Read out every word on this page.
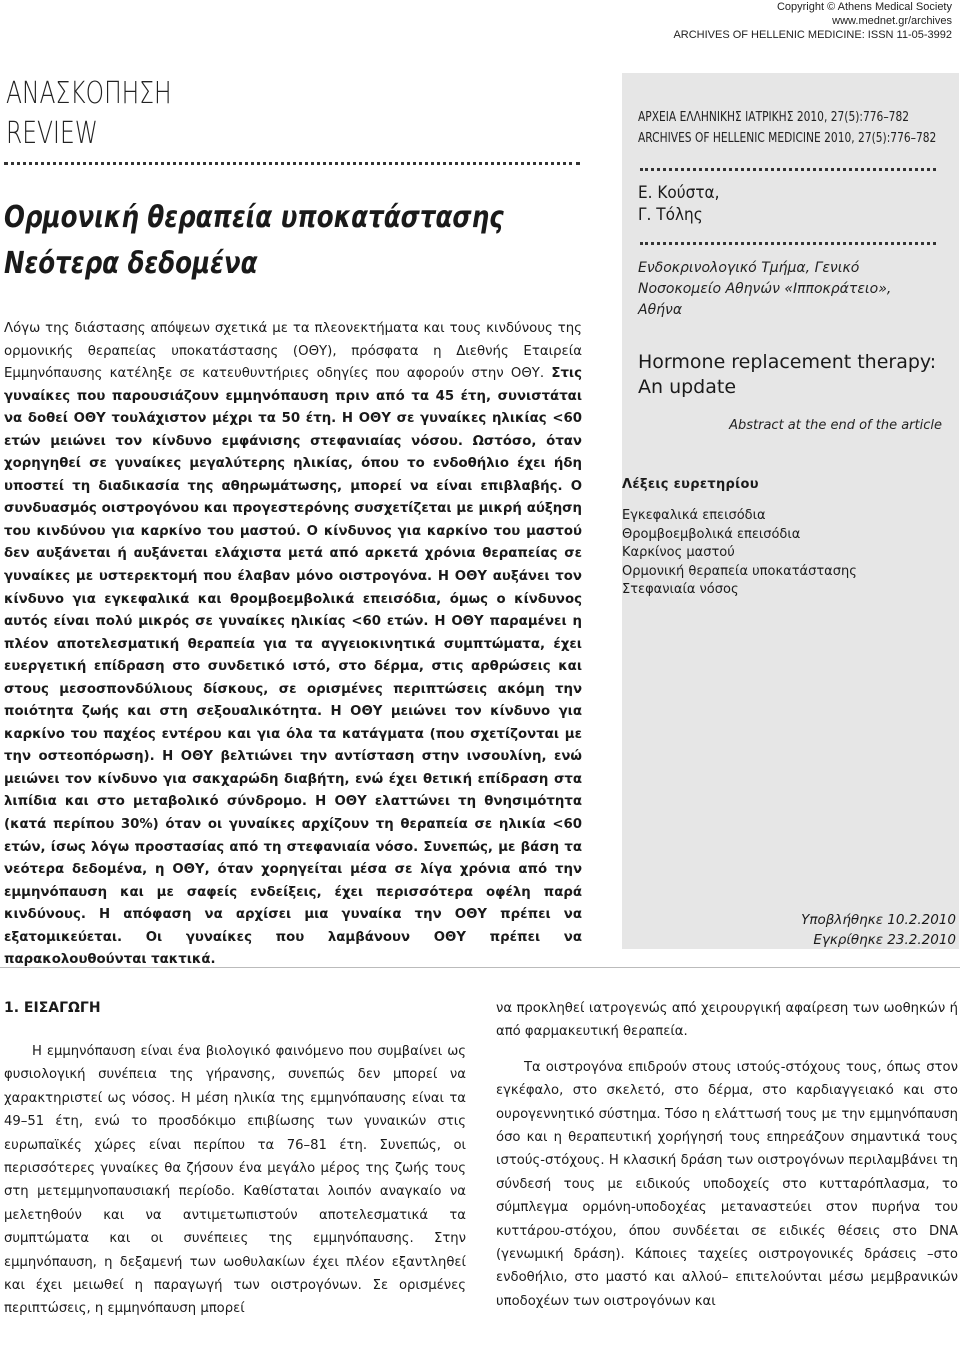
Copyright © Athens Medical Society
www.mednet.gr/archives
ARCHIVES OF HELLENIC MEDICINE: ISSN 11-05-3992
ΑΝΑΣΚΟΠΗΣΗ
REVIEW
Ορμονική θεραπεία υποκατάστασης
Νεότερα δεδομένα
Λόγω της διάστασης απόψεων σχετικά με τα πλεονεκτήματα και τους κινδύνους της ορμονικής θεραπείας υποκατάστασης (ΟΘΥ), πρόσφατα η Διεθνής Εταιρεία Εμμηνόπαυσης κατέληξε σε κατευθυντήριες οδηγίες που αφορούν στην ΟΘΥ. Στις γυναίκες που παρουσιάζουν εμμηνόπαυση πριν από τα 45 έτη, συνιστάται να δοθεί ΟΘΥ τουλάχιστον μέχρι τα 50 έτη. Η ΟΘΥ σε γυναίκες ηλικίας <60 ετών μειώνει τον κίνδυνο εμφάνισης στεφανιαίας νόσου. Ωστόσο, όταν χορηγηθεί σε γυναίκες μεγαλύτερης ηλικίας, όπου το ενδοθήλιο έχει ήδη υποστεί τη διαδικασία της αθηρωμάτωσης, μπορεί να είναι επιβλαβής. Ο συνδυασμός οιστρογόνου και προγεστερόνης συσχετίζεται με μικρή αύξηση του κινδύνου για καρκίνο του μαστού. Ο κίνδυνος για καρκίνο του μαστού δεν αυξάνεται ή αυξάνεται ελάχιστα μετά από αρκετά χρόνια θεραπείας σε γυναίκες με υστερεκτομή που έλαβαν μόνο οιστρογόνα. Η ΟΘΥ αυξάνει τον κίνδυνο για εγκεφαλικά και θρομβοεμβολικά επεισόδια, όμως ο κίνδυνος αυτός είναι πολύ μικρός σε γυναίκες ηλικίας <60 ετών. Η ΟΘΥ παραμένει η πλέον αποτελεσματική θεραπεία για τα αγγειοκινητικά συμπτώματα, έχει ευεργετική επίδραση στο συνδετικό ιστό, στο δέρμα, στις αρθρώσεις και στους μεσοσπονδύλιους δίσκους, σε ορισμένες περιπτώσεις ακόμη την ποιότητα ζωής και στη σεξουαλικότητα. Η ΟΘΥ μειώνει τον κίνδυνο για καρκίνο του παχέος εντέρου και για όλα τα κατάγματα (που σχετίζονται με την οστεοπόρωση). Η ΟΘΥ βελτιώνει την αντίσταση στην ινσουλίνη, ενώ μειώνει τον κίνδυνο για σακχαρώδη διαβήτη, ενώ έχει θετική επίδραση στα λιπίδια και στο μεταβολικό σύνδρομο. Η ΟΘΥ ελαττώνει τη θνησιμότητα (κατά περίπου 30%) όταν οι γυναίκες αρχίζουν τη θεραπεία σε ηλικία <60 ετών, ίσως λόγω προστασίας από τη στεφανιαία νόσο. Συνεπώς, με βάση τα νεότερα δεδομένα, η ΟΘΥ, όταν χορηγείται μέσα σε λίγα χρόνια από την εμμηνόπαυση και με σαφείς ενδείξεις, έχει περισσότερα οφέλη παρά κινδύνους. Η απόφαση να αρχίσει μια γυναίκα την ΟΘΥ πρέπει να εξατομικεύεται. Οι γυναίκες που λαμβάνουν ΟΘΥ πρέπει να παρακολουθούνται τακτικά.
ΑΡΧΕΙΑ ΕΛΛΗΝΙΚΗΣ ΙΑΤΡΙΚΗΣ 2010, 27(5):776–782
ARCHIVES OF HELLENIC MEDICINE 2010, 27(5):776–782
Ε. Κούστα,
Γ. Τόλης
Ενδοκρινολογικό Τμήμα, Γενικό Νοσοκομείο Αθηνών «Ιπποκράτειο», Αθήνα
Hormone replacement therapy:
An update
Abstract at the end of the article
Λέξεις ευρετηρίου
Εγκεφαλικά επεισόδια
Θρομβοεμβολικά επεισόδια
Καρκίνος μαστού
Ορμονική θεραπεία υποκατάστασης
Στεφανιαία νόσος
Υποβλήθηκε 10.2.2010
Εγκρίθηκε 23.2.2010
1. ΕΙΣΑΓΩΓΗ
Η εμμηνόπαυση είναι ένα βιολογικό φαινόμενο που συμβαίνει ως φυσιολογική συνέπεια της γήρανσης, συνεπώς δεν μπορεί να χαρακτηριστεί ως νόσος. Η μέση ηλικία της εμμηνόπαυσης είναι τα 49–51 έτη, ενώ το προσδόκιμο επιβίωσης των γυναικών στις ευρωπαϊκές χώρες είναι περίπου τα 76–81 έτη. Συνεπώς, οι περισσότερες γυναίκες θα ζήσουν ένα μεγάλο μέρος της ζωής τους στη μετεμμηνοπαυσιακή περίοδο. Καθίσταται λοιπόν αναγκαίο να μελετηθούν και να αντιμετωπιστούν αποτελεσματικά τα συμπτώματα και οι συνέπειες της εμμηνόπαυσης. Στην εμμηνόπαυση, η δεξαμενή των ωοθυλακίων έχει πλέον εξαντληθεί και έχει μειωθεί η παραγωγή των οιστρογόνων. Σε ορισμένες περιπτώσεις, η εμμηνόπαυση μπορεί

να προκληθεί ιατρογενώς από χειρουργική αφαίρεση των ωοθηκών ή από φαρμακευτική θεραπεία.

Τα οιστρογόνα επιδρούν στους ιστούς-στόχους τους, όπως στον εγκέφαλο, στο σκελετό, στο δέρμα, στο καρδιαγγειακό και στο ουρογεννητικό σύστημα. Τόσο η ελάττωσή τους με την εμμηνόπαυση όσο και η θεραπευτική χορήγησή τους επηρεάζουν σημαντικά τους ιστούς-στόχους. Η κλασική δράση των οιστρογόνων περιλαμβάνει τη σύνδεσή τους με ειδικούς υποδοχείς στο κυτταρόπλασμα, το σύμπλεγμα ορμόνη-υποδοχέας μεταναστεύει στον πυρήνα του κυττάρου-στόχου, όπου συνδέεται σε ειδικές θέσεις στο DNA (γενωμική δράση). Κάποιες ταχείες οιστρογονικές δράσεις –στο ενδοθήλιο, στο μαστό και αλλού– επιτελούνται μέσω μεμβρανικών υποδοχέων των οιστρογόνων και
